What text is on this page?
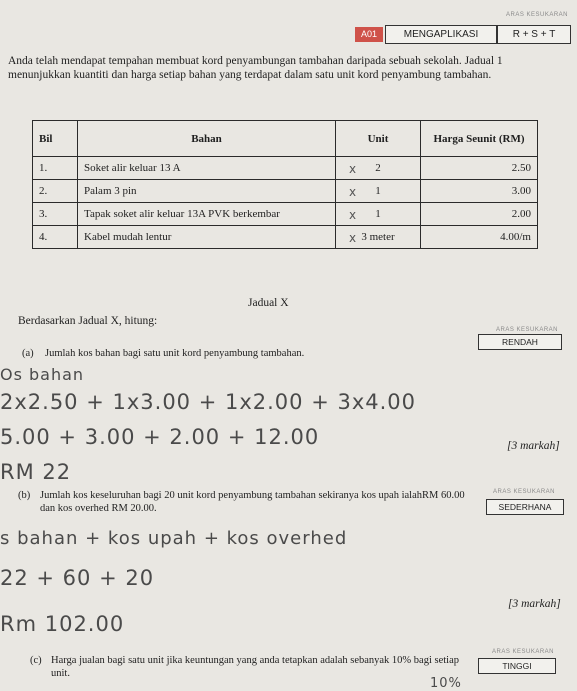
ARAS KESUKARAN
A01	MENGAPLIKASI	R + S + T
Anda telah mendapat tempahan membuat kord penyambungan tambahan daripada sebuah sekolah. Jadual 1 menunjukkan kuantiti dan harga setiap bahan yang terdapat dalam satu unit kord penyambung tambahan.
Bil	Bahan	Unit	Harga Seunit (RM)
1.	Soket alir keluar 13 A	2	x 2.50
2.	Palam 3 pin	1	x 3.00
3.	Tapak soket alir keluar 13A PVK berkembar	1	x 2.00
4.	Kabel mudah lentur	3 meter	x 4.00/m
Jadual X
Berdasarkan Jadual X, hitung:
ARAS KESUKARAN
RENDAH
(a) Jumlah kos bahan bagi satu unit kord penyambung tambahan.
Os bahan
2x2.50 + 1x3.00 + 1x2.00 + 3x4.00
5.00 + 3.00 + 2.00 + 12.00	[3 markah]
RM 22
ARAS KESUKARAN
SEDERHANA
(b) Jumlah kos keseluruhan bagi 20 unit kord penyambung tambahan sekiranya kos upah ialahRM 60.00 dan kos overhed RM 20.00.
s bahan + kos upah + kos overhed
22 + 60 + 20
[3 markah]
Rm 102.00
ARAS KESUKARAN
TINGGI
(c) Harga jualan bagi satu unit jika keuntungan yang anda tetapkan adalah sebanyak 10% bagi setiap unit.
10%
